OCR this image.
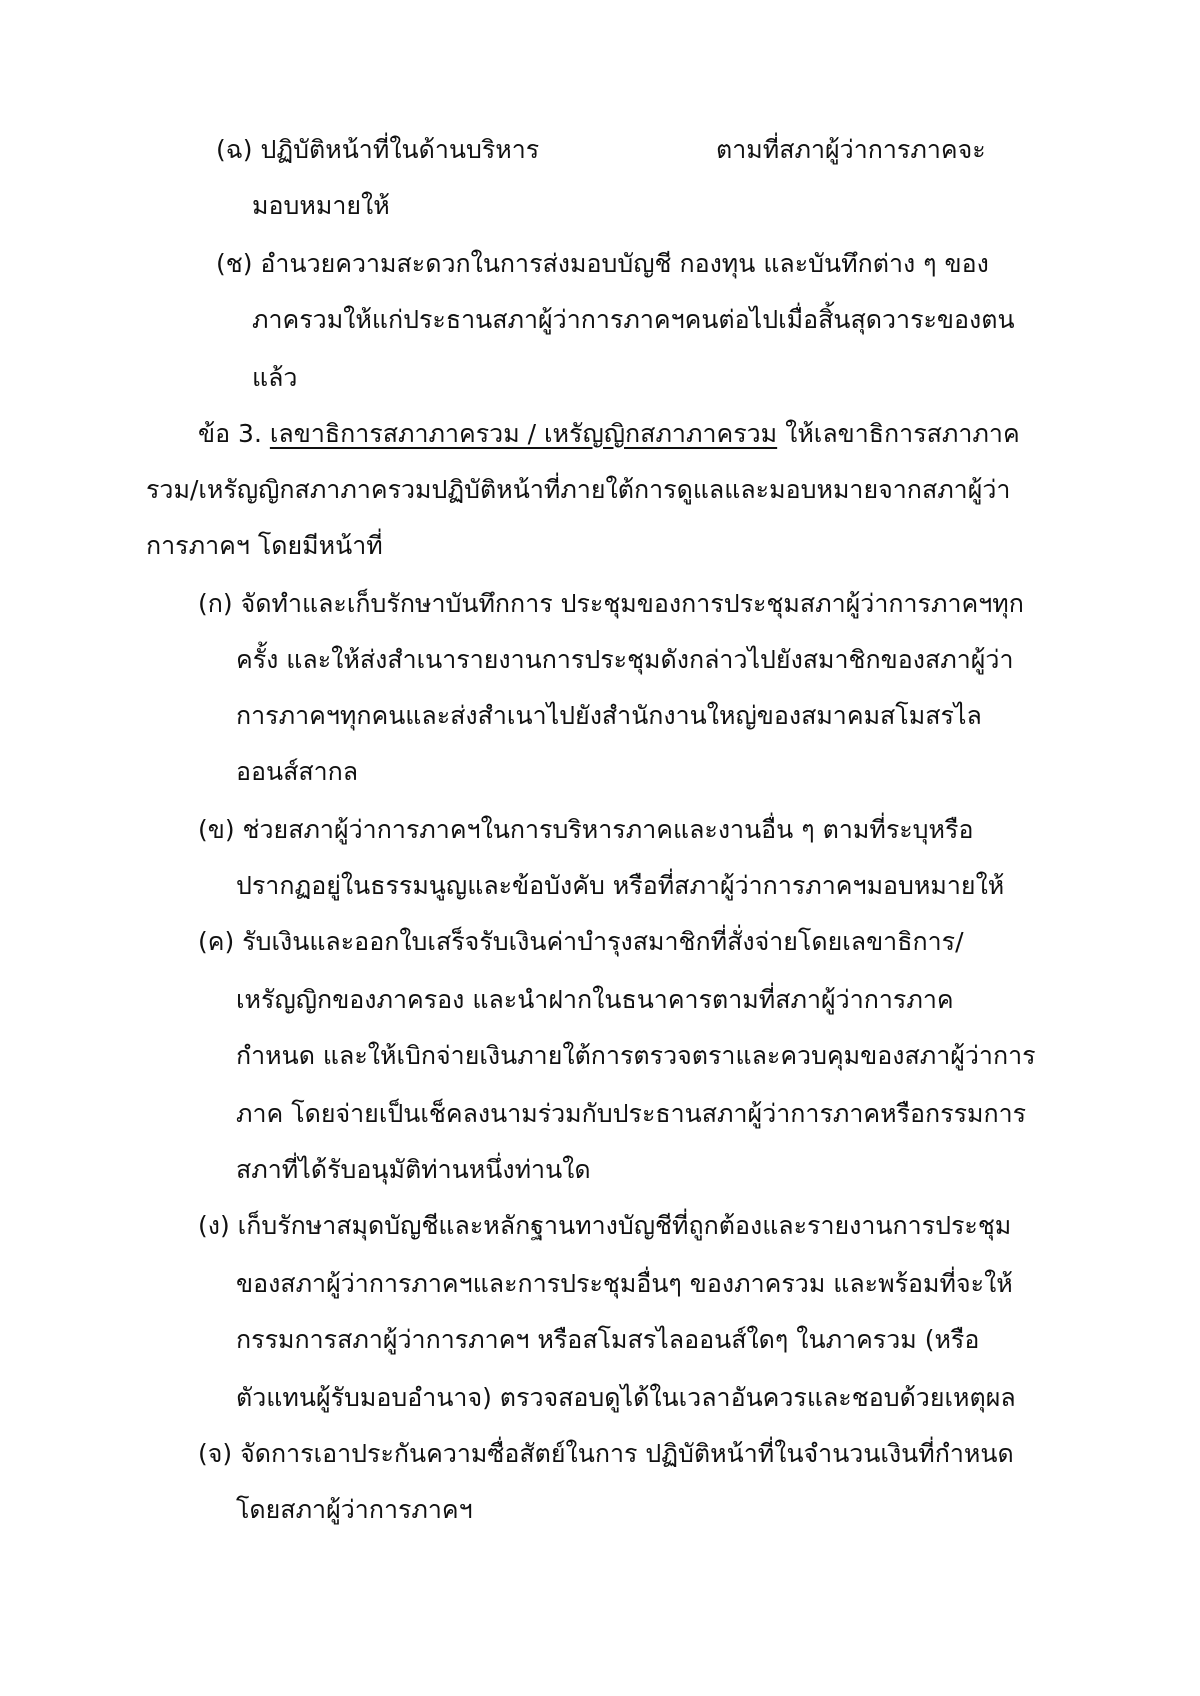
(ฉ) ปฏิบัติหน้าที่ในด้านบริหาร	ตามที่สภาผู้ว่าการภาคจะ
มอบหมายให้
(ช) อำนวยความสะดวกในการส่งมอบบัญชี กองทุน และบันทึกต่าง ๆ ของ
ภาครวมให้แก่ประธานสภาผู้ว่าการภาคฯคนต่อไปเมื่อสิ้นสุดวาระของตน
แล้ว
ข้อ 3. เลขาธิการสภาภาครวม / เหรัญญิกสภาภาครวม ให้เลขาธิการสภาภาค
รวม/เหรัญญิกสภาภาครวมปฏิบัติหน้าที่ภายใต้การดูแลและมอบหมายจากสภาผู้ว่า
การภาคฯ โดยมีหน้าที่
(ก) จัดทำและเก็บรักษาบันทึกการ ประชุมของการประชุมสภาผู้ว่าการภาคฯทุก
ครั้ง และให้ส่งสำเนารายงานการประชุมดังกล่าวไปยังสมาชิกของสภาผู้ว่า
การภาคฯทุกคนและส่งสำเนาไปยังสำนักงานใหญ่ของสมาคมสโมสรไล
ออนส์สากล
(ข) ช่วยสภาผู้ว่าการภาคฯในการบริหารภาคและงานอื่น ๆ ตามที่ระบุหรือ
ปรากฏอยู่ในธรรมนูญและข้อบังคับ หรือที่สภาผู้ว่าการภาคฯมอบหมายให้
(ค) รับเงินและออกใบเสร็จรับเงินค่าบำรุงสมาชิกที่สั่งจ่ายโดยเลขาธิการ/
เหรัญญิกของภาครอง และนำฝากในธนาคารตามที่สภาผู้ว่าการภาค
กำหนด และให้เบิกจ่ายเงินภายใต้การตรวจตราและควบคุมของสภาผู้ว่าการ
ภาค โดยจ่ายเป็นเช็คลงนามร่วมกับประธานสภาผู้ว่าการภาคหรือกรรมการ
สภาที่ได้รับอนุมัติท่านหนึ่งท่านใด
(ง) เก็บรักษาสมุดบัญชีและหลักฐานทางบัญชีที่ถูกต้องและรายงานการประชุม
ของสภาผู้ว่าการภาคฯและการประชุมอื่นๆ ของภาครวม และพร้อมที่จะให้
กรรมการสภาผู้ว่าการภาคฯ หรือสโมสรไลออนส์ใดๆ ในภาครวม (หรือ
ตัวแทนผู้รับมอบอำนาจ) ตรวจสอบดูได้ในเวลาอันควรและชอบด้วยเหตุผล
(จ) จัดการเอาประกันความซื่อสัตย์ในการ ปฏิบัติหน้าที่ในจำนวนเงินที่กำหนด
โดยสภาผู้ว่าการภาคฯ
